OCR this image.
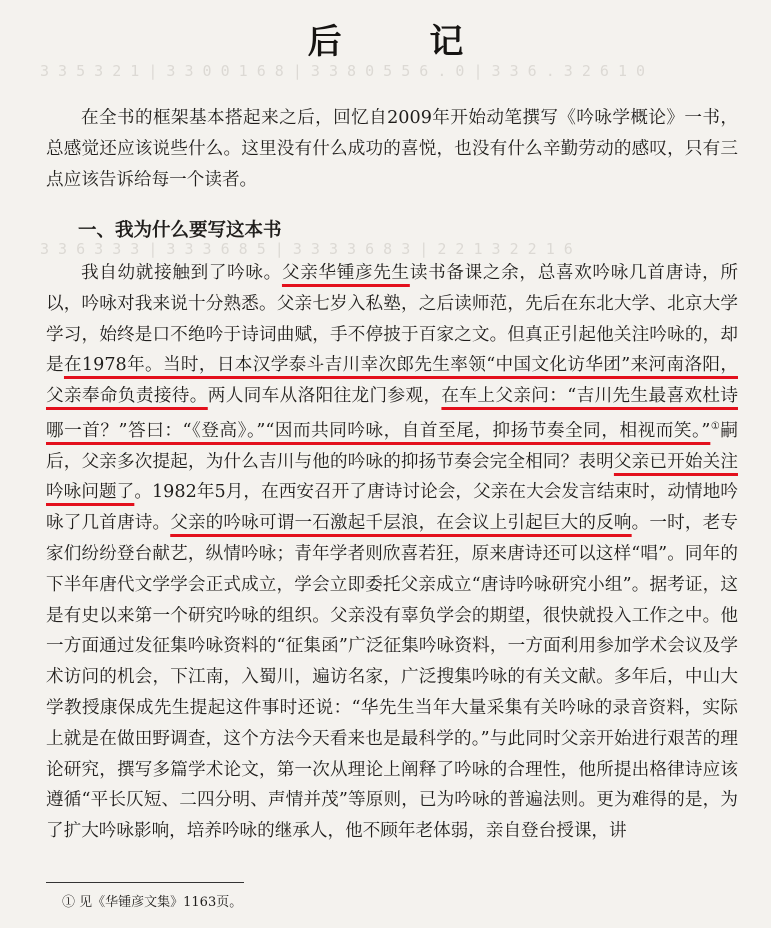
3 3 5 3 2 1 | 3 3 0 0 1 6 8 | 3 3 8 0 5 5 6 . 0 | 3 3 6 . 3 2 6 1 0
3 3 6 3 3 3 | 3 3 3 6 8 5 | 3 3 3 3 6 8 3 | 2 2 1 3 2 2 1 6
后 记

在全书的框架基本搭起来之后，回忆自2009年开始动笔撰写《吟咏学概论》一书，总感觉还应该说些什么。这里没有什么成功的喜悦，也没有什么辛勤劳动的感叹，只有三点应该告诉给每一个读者。

一、我为什么要写这本书

我自幼就接触到了吟咏。父亲华锺彦先生读书备课之余，总喜欢吟咏几首唐诗，所以，吟咏对我来说十分熟悉。父亲七岁入私塾，之后读师范，先后在东北大学、北京大学学习，始终是口不绝吟于诗词曲赋，手不停披于百家之文。但真正引起他关注吟咏的，却是在1978年。当时，日本汉学泰斗吉川幸次郎先生率领“中国文化访华团”来河南洛阳，父亲奉命负责接待。两人同车从洛阳往龙门参观，在车上父亲问：“吉川先生最喜欢杜诗哪一首？”答曰：“《登高》。”“因而共同吟咏，自首至尾，抑扬节奏全同，相视而笑。”①嗣后，父亲多次提起，为什么吉川与他的吟咏的抑扬节奏会完全相同？表明父亲已开始关注吟咏问题了。1982年5月，在西安召开了唐诗讨论会，父亲在大会发言结束时，动情地吟咏了几首唐诗。父亲的吟咏可谓一石激起千层浪，在会议上引起巨大的反响。一时，老专家们纷纷登台献艺，纵情吟咏；青年学者则欣喜若狂，原来唐诗还可以这样“唱”。同年的下半年唐代文学学会正式成立，学会立即委托父亲成立“唐诗吟咏研究小组”。据考证，这是有史以来第一个研究吟咏的组织。父亲没有辜负学会的期望，很快就投入工作之中。他一方面通过发征集吟咏资料的“征集函”广泛征集吟咏资料，一方面利用参加学术会议及学术访问的机会，下江南，入蜀川，遍访名家，广泛搜集吟咏的有关文献。多年后，中山大学教授康保成先生提起这件事时还说：“华先生当年大量采集有关吟咏的录音资料，实际上就是在做田野调查，这个方法今天看来也是最科学的。”与此同时父亲开始进行艰苦的理论研究，撰写多篇学术论文，第一次从理论上阐释了吟咏的合理性，他所提出格律诗应该遵循“平长仄短、二四分明、声情并茂”等原则，已为吟咏的普遍法则。更为难得的是，为了扩大吟咏影响，培养吟咏的继承人，他不顾年老体弱，亲自登台授课，讲

① 见《华锺彦文集》1163页。
